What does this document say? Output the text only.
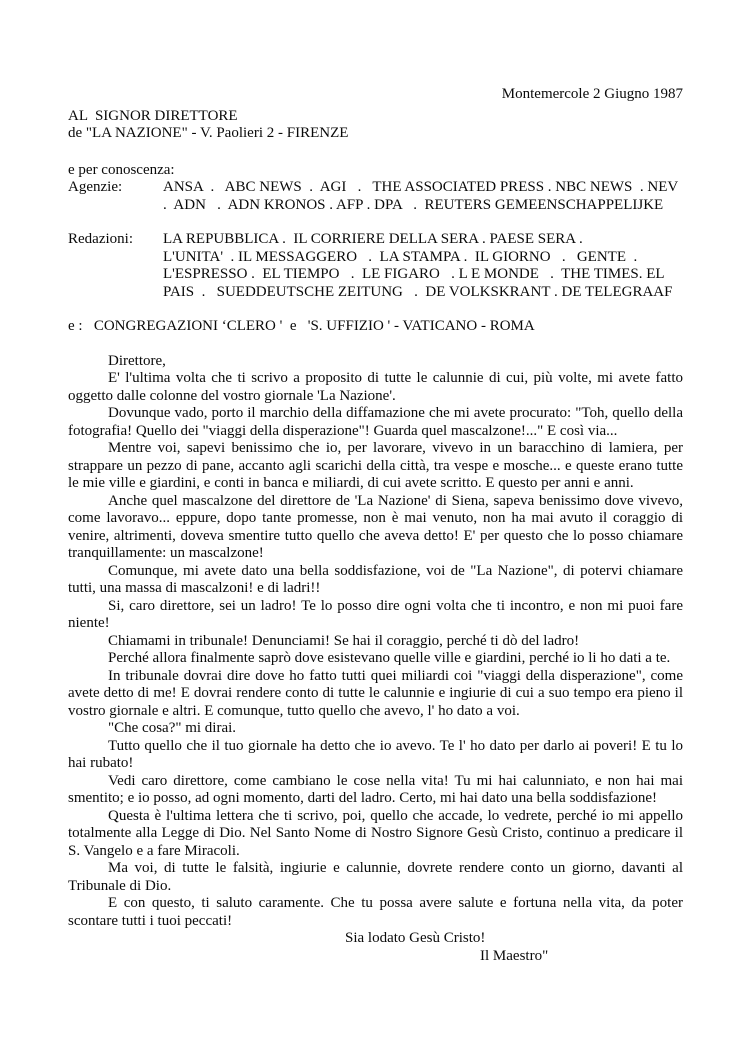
Montemercole 2 Giugno 1987
AL  SIGNOR DIRETTORE
de "LA NAZIONE" - V. Paolieri 2 - FIRENZE
e per conoscenza:
Agenzie:	ANSA  .   ABC NEWS  .  AGI   .   THE ASSOCIATED PRESS . NBC NEWS  . NEV
.  ADN   .  ADN KRONOS . AFP . DPA   .  REUTERS GEMEENSCHAPPELIJKE
Redazioni:	LA REPUBBLICA .  IL CORRIERE DELLA SERA . PAESE SERA .
L'UNITA'  . IL MESSAGGERO   .  LA STAMPA .  IL GIORNO   .   GENTE  .
L'ESPRESSO .  EL TIEMPO   .  LE FIGARO   . L E MONDE   .  THE TIMES. EL
PAIS  .   SUEDDEUTSCHE ZEITUNG   .  DE VOLKSKRANT . DE TELEGRAAF
e :   CONGREGAZIONI ‘CLERO '  e   'S. UFFIZIO ' - VATICANO - ROMA

Direttore,

E' l'ultima volta che ti scrivo a proposito di tutte le calunnie di cui, più volte, mi avete fatto oggetto dalle colonne del vostro giornale 'La Nazione'.

Dovunque vado, porto il marchio della diffamazione che mi avete procurato: "Toh, quello della fotografia! Quello dei "viaggi della disperazione"! Guarda quel mascalzone!..." E così via...

Mentre voi, sapevi benissimo che io, per lavorare, vivevo in un baracchino di lamiera, per strappare un pezzo di pane, accanto agli scarichi della città, tra vespe e mosche... e queste erano tutte le mie ville e giardini, e conti in banca e miliardi, di cui avete scritto. E questo per anni e anni.

Anche quel mascalzone del direttore de 'La Nazione' di Siena, sapeva benissimo dove vivevo, come lavoravo... eppure, dopo tante promesse, non è mai venuto, non ha mai avuto il coraggio di venire, altrimenti, doveva smentire tutto quello che aveva detto! E' per questo che lo posso chiamare tranquillamente: un mascalzone!

Comunque, mi avete dato una bella soddisfazione, voi de "La Nazione", di potervi chiamare tutti, una massa di mascalzoni! e di ladri!!

Si, caro direttore, sei un ladro! Te lo posso dire ogni volta che ti incontro, e non mi puoi fare niente!

Chiamami in tribunale! Denunciami! Se hai il coraggio, perché ti dò del ladro!

Perché allora finalmente saprò dove esistevano quelle ville e giardini, perché io li ho dati a te.

In tribunale dovrai dire dove ho fatto tutti quei miliardi coi "viaggi della disperazione", come avete detto di me! E dovrai rendere conto di tutte le calunnie e ingiurie di cui a suo tempo era pieno il vostro giornale e altri. E comunque, tutto quello che avevo, l' ho dato a voi.

"Che cosa?" mi dirai.

Tutto quello che il tuo giornale ha detto che io avevo. Te l' ho dato per darlo ai poveri! E tu lo hai rubato!

Vedi caro direttore, come cambiano le cose nella vita! Tu mi hai calunniato, e non hai mai smentito; e io posso, ad ogni momento, darti del ladro. Certo, mi hai dato una bella soddisfazione!

Questa è l'ultima lettera che ti scrivo, poi, quello che accade, lo vedrete, perché io mi appello totalmente alla Legge di Dio. Nel Santo Nome di Nostro Signore Gesù Cristo, continuo a predicare il S. Vangelo e a fare Miracoli.

Ma voi, di tutte le falsità, ingiurie e calunnie, dovrete rendere conto un giorno, davanti al Tribunale di Dio.

E con questo, ti saluto caramente. Che tu possa avere salute e fortuna nella vita, da poter scontare tutti i tuoi peccati!

Sia lodato Gesù Cristo!
Il Maestro"
